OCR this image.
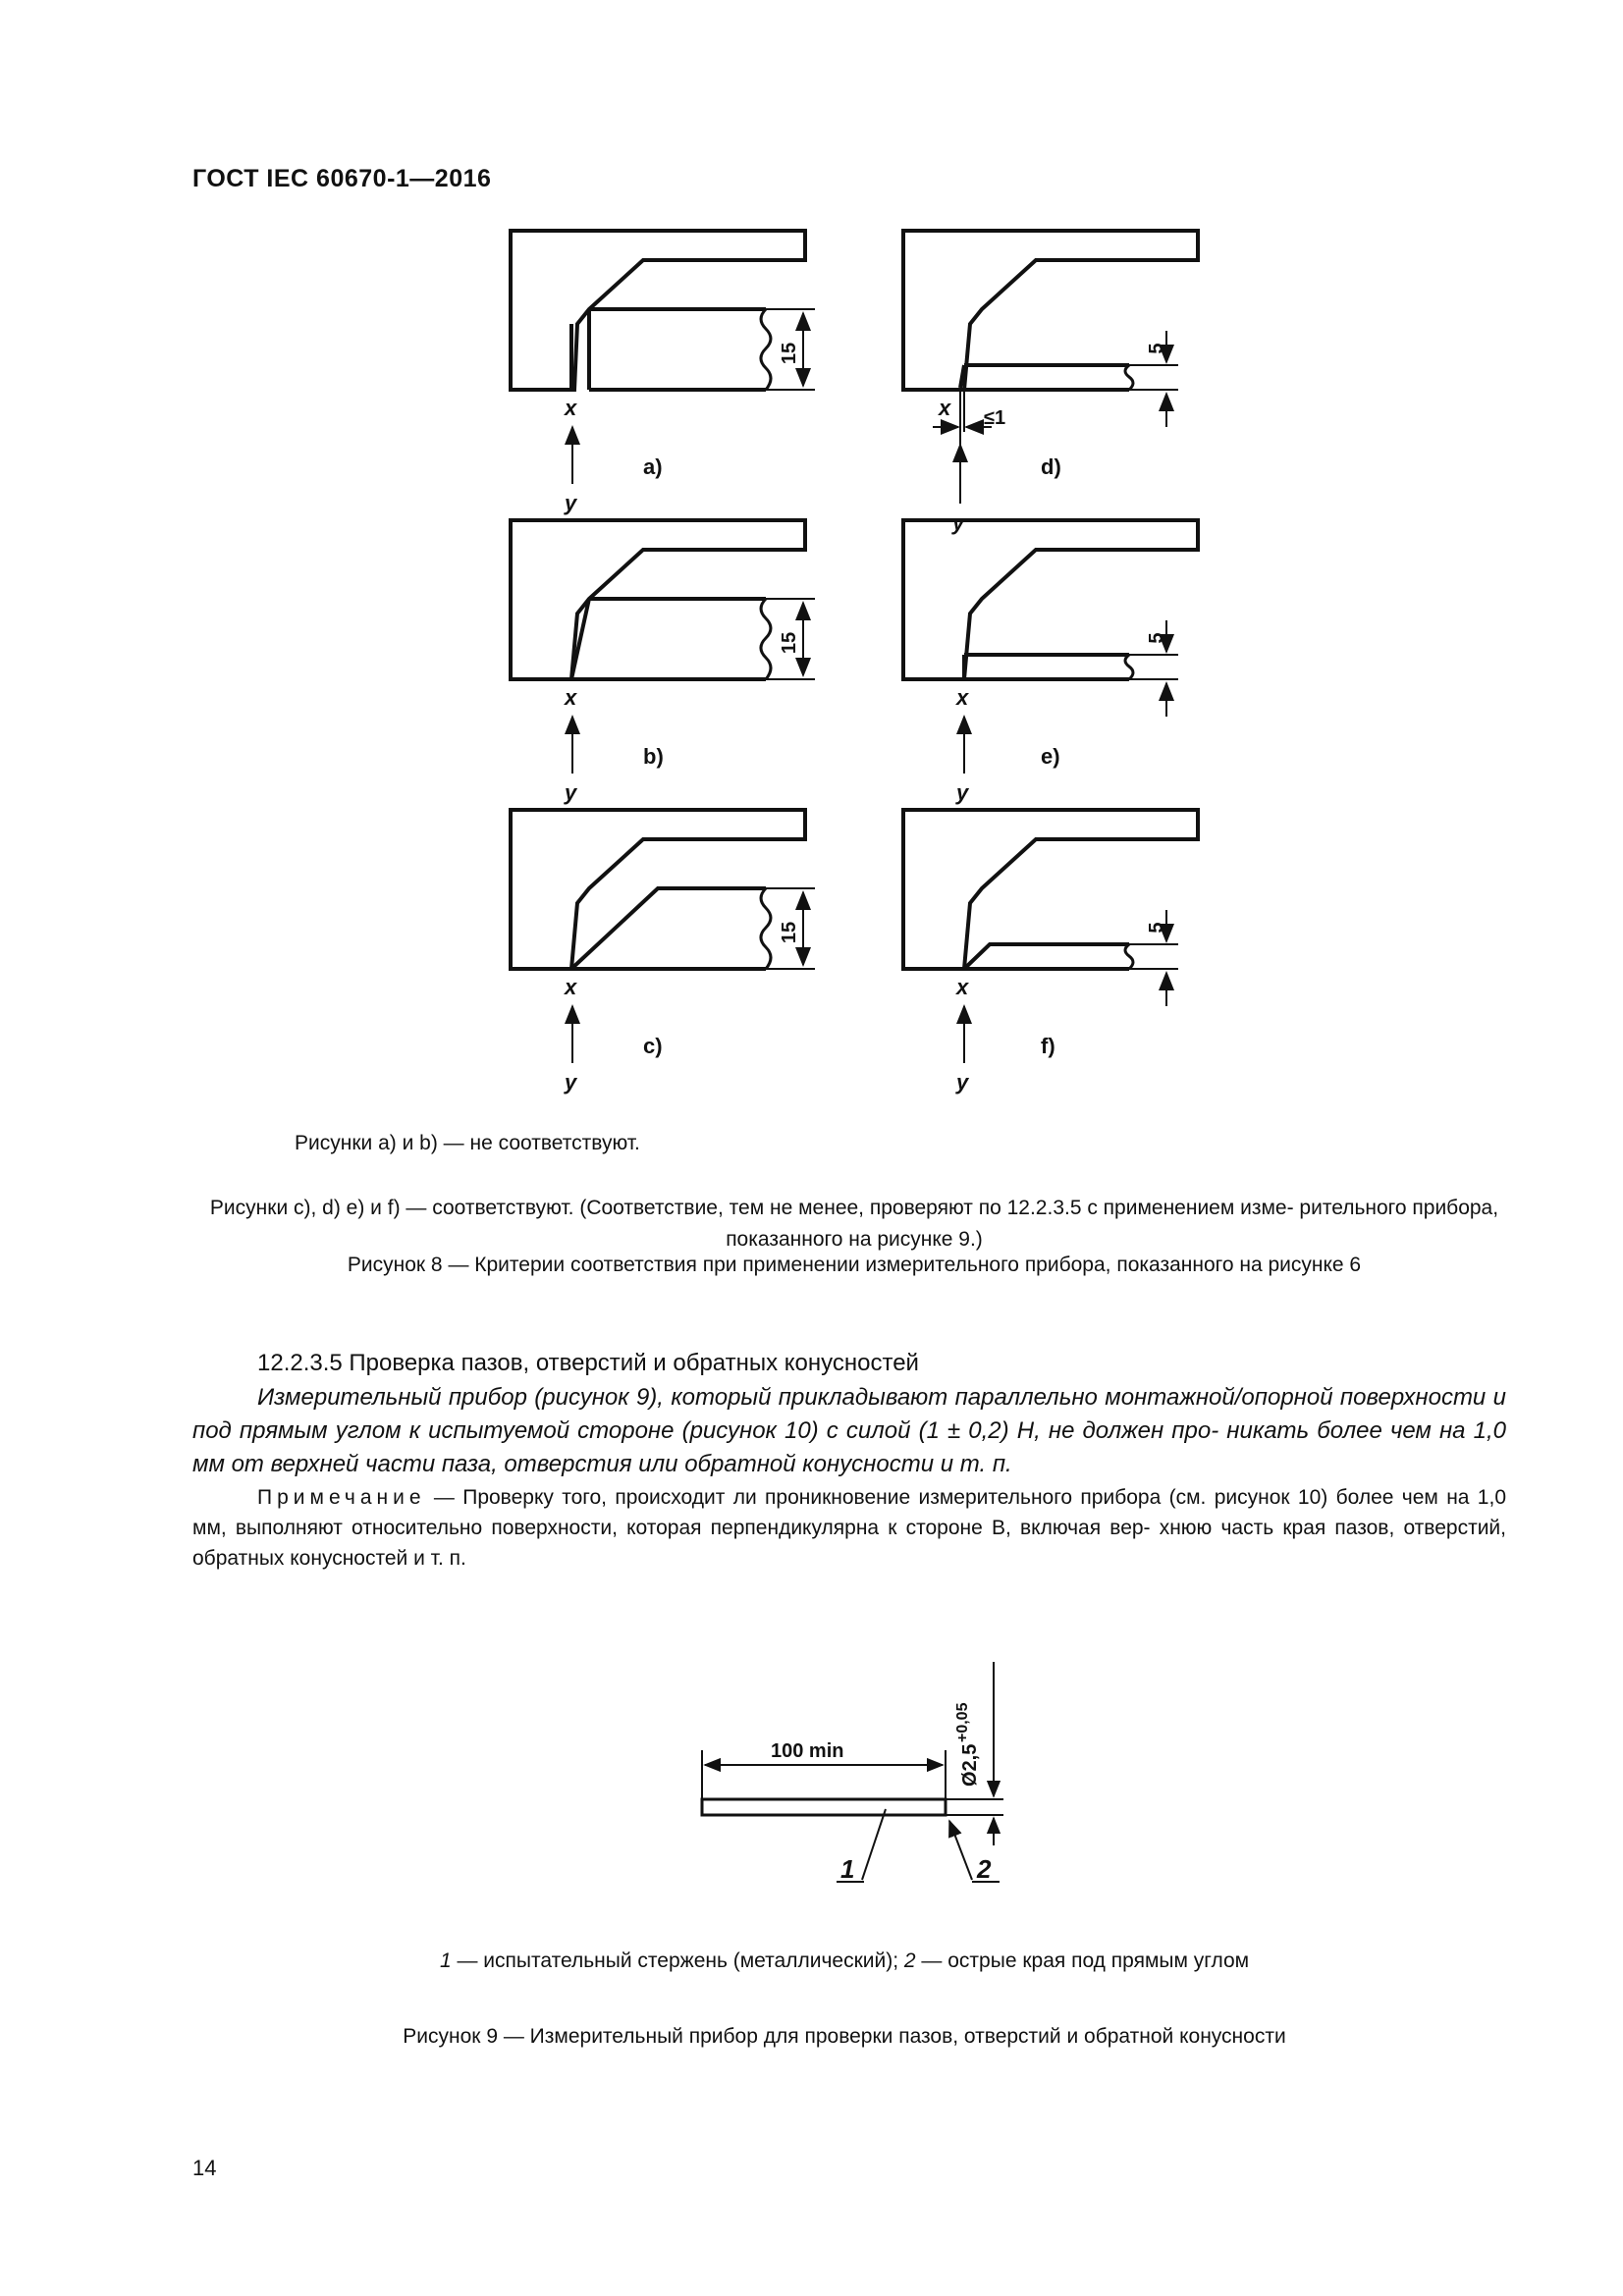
ГОСТ IEC 60670-1—2016
15
x
y
a)
15
x
y
b)
15
x
y
c)
5
≤1
x
y
d)
5
x
y
e)
5
x
y
f)
Рисунки a) и b) — не соответствуют.
Рисунки c), d) e) и f) — соответствуют. (Соответствие, тем не менее, проверяют по 12.2.3.5 с применением изме- рительного прибора, показанного на рисунке 9.)
Рисунок 8 — Критерии соответствия при применении измерительного прибора, показанного на рисунке 6
12.2.3.5 Проверка пазов, отверстий и обратных конусностей
Измерительный прибор (рисунок 9), который прикладывают параллельно монтажной/опорной поверхности и под прямым углом к испытуемой стороне (рисунок 10) с силой (1 ± 0,2) Н, не должен про- никать более чем на 1,0 мм от верхней части паза, отверстия или обратной конусности и т. п.
Примечание — Проверку того, происходит ли проникновение измерительного прибора (см. рисунок 10) более чем на 1,0 мм, выполняют относительно поверхности, которая перпендикулярна к стороне В, включая вер- хнюю часть края пазов, отверстий, обратных конусностей и т. п.
100 min	Ø2,5
+0,05
1	2
1 — испытательный стержень (металлический); 2 — острые края под прямым углом
Рисунок 9 — Измерительный прибор для проверки пазов, отверстий и обратной конусности
14
